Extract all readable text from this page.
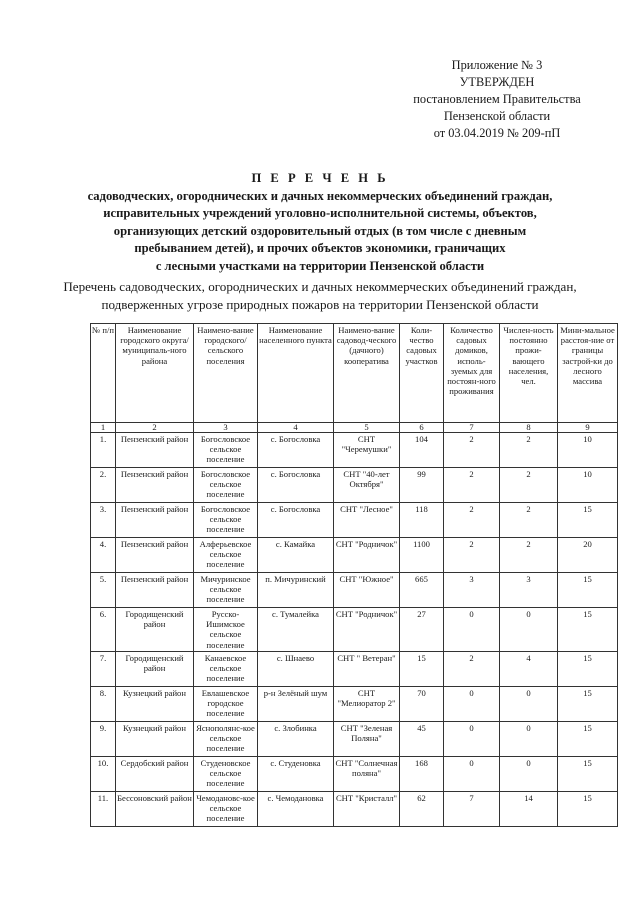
Приложение № 3
УТВЕРЖДЕН
постановлением Правительства
Пензенской области
от 03.04.2019 № 209-пП
П Е Р Е Ч Е Н Ь
садоводческих, огороднических и дачных некоммерческих объединений граждан,
исправительных учреждений уголовно-исполнительной системы, объектов,
организующих детский оздоровительный отдых (в том числе с дневным
пребыванием детей), и прочих объектов экономики, граничащих
с лесными участками на территории Пензенской области
Перечень садоводческих, огороднических и дачных некоммерческих объединений граждан,
подверженных угрозе природных пожаров на территории Пензенской области
№ п/п	Наименование городского округа/ муниципаль-ного района	Наимено-вание городского/ сельского поселения	Наименование населенного пункта	Наимено-вание садовод-ческого (дачного) кооператива	Коли-чество садовых участков	Количество садовых домиков, исполь-зуемых для постоян-ного проживания	Числен-ность постоянно прожи-вающего населения, чел.	Мини-мальное расстоя-ние от границы застрой-ки до лесного массива
1	2	3	4	5	6	7	8	9
1.	Пензенский район	Богословское сельское поселение	с. Богословка	СНТ "Черемушки"	104	2	2	10
2.	Пензенский район	Богословское сельское поселение	с. Богословка	СНТ "40-лет Октября"	99	2	2	10
3.	Пензенский район	Богословское сельское поселение	с. Богословка	СНТ "Лесное"	118	2	2	15
4.	Пензенский район	Алферьевское сельское поселение	с. Камайка	СНТ "Родничок"	1100	2	2	20
5.	Пензенский район	Мичуринское сельское поселение	п. Мичуринский	СНТ "Южное"	665	3	3	15
6.	Городищенский район	Русско-Ишимское сельское поселение	с. Тумалейка	СНТ "Родничок"	27	0	0	15
7.	Городищенский район	Канаевское сельское поселение	с. Шнаево	СНТ " Ветеран"	15	2	4	15
8.	Кузнецкий район	Евлашевское городское поселение	р-н Зелёный шум	СНТ "Мелиоратор 2"	70	0	0	15
9.	Кузнецкий район	Яснополянс-кое сельское поселение	с. Злобинка	СНТ "Зеленая Поляна"	45	0	0	15
10.	Сердобский район	Студеновское сельское поселение	с. Студеновка	СНТ "Солнечная поляна"	168	0	0	15
11.	Бессоновский район	Чемодановс-кое сельское поселение	с. Чемодановка	СНТ "Кристалл"	62	7	14	15
